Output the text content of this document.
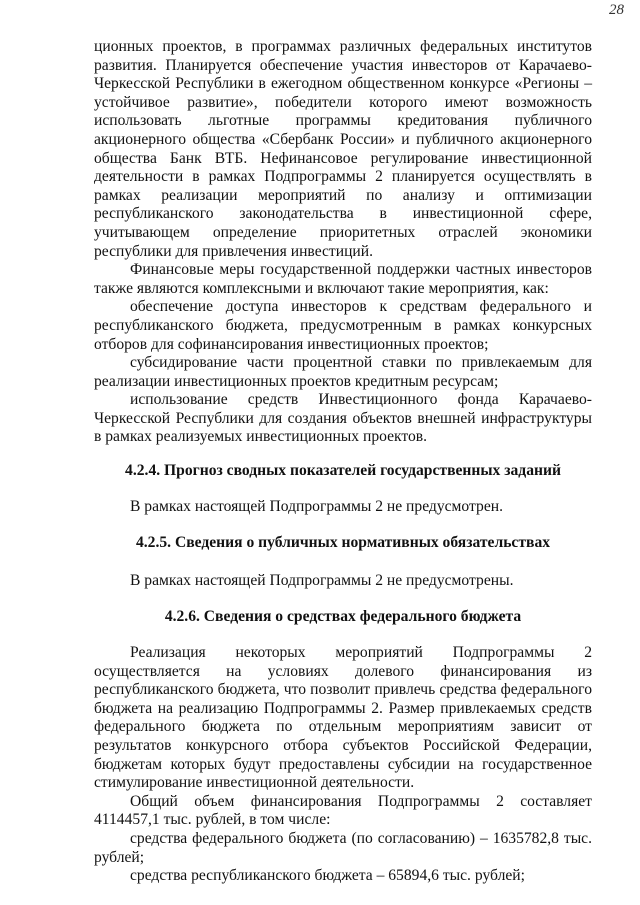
28

ционных проектов, в программах различных федеральных институтов развития. Планируется обеспечение участия инвесторов от Карачаево-Черкесской Республики в ежегодном общественном конкурсе «Регионы – устойчивое развитие», победители которого имеют возможность использовать льготные программы кредитования публичного акционерного общества «Сбербанк России» и публичного акционерного общества Банк ВТБ. Нефинансовое регулирование инвестиционной деятельности в рамках Подпрограммы 2 планируется осуществлять в рамках реализации мероприятий по анализу и оптимизации республиканского законодательства в инвестиционной сфере, учитывающем определение приоритетных отраслей экономики республики для привлечения инвестиций.

Финансовые меры государственной поддержки частных инвесторов также являются комплексными и включают такие мероприятия, как:

обеспечение доступа инвесторов к средствам федерального и республиканского бюджета, предусмотренным в рамках конкурсных отборов для софинансирования инвестиционных проектов;

субсидирование части процентной ставки по привлекаемым для реализации инвестиционных проектов кредитным ресурсам;

использование средств Инвестиционного фонда Карачаево-Черкесской Республики для создания объектов внешней инфраструктуры в рамках реализуемых инвестиционных проектов.

4.2.4. Прогноз сводных показателей государственных заданий

В рамках настоящей Подпрограммы 2 не предусмотрен.

4.2.5. Сведения о публичных нормативных обязательствах

В рамках настоящей Подпрограммы 2 не предусмотрены.

4.2.6. Сведения о средствах федерального бюджета

Реализация некоторых мероприятий Подпрограммы 2 осуществляется на условиях долевого финансирования из республиканского бюджета, что позволит привлечь средства федерального бюджета на реализацию Подпрограммы 2. Размер привлекаемых средств федерального бюджета по отдельным мероприятиям зависит от результатов конкурсного отбора субъектов Российской Федерации, бюджетам которых будут предоставлены субсидии на государственное стимулирование инвестиционной деятельности.

Общий объем финансирования Подпрограммы 2 составляет 4114457,1 тыс. рублей, в том числе:

средства федерального бюджета (по согласованию) – 1635782,8 тыс. рублей;

средства республиканского бюджета – 65894,6 тыс. рублей;
